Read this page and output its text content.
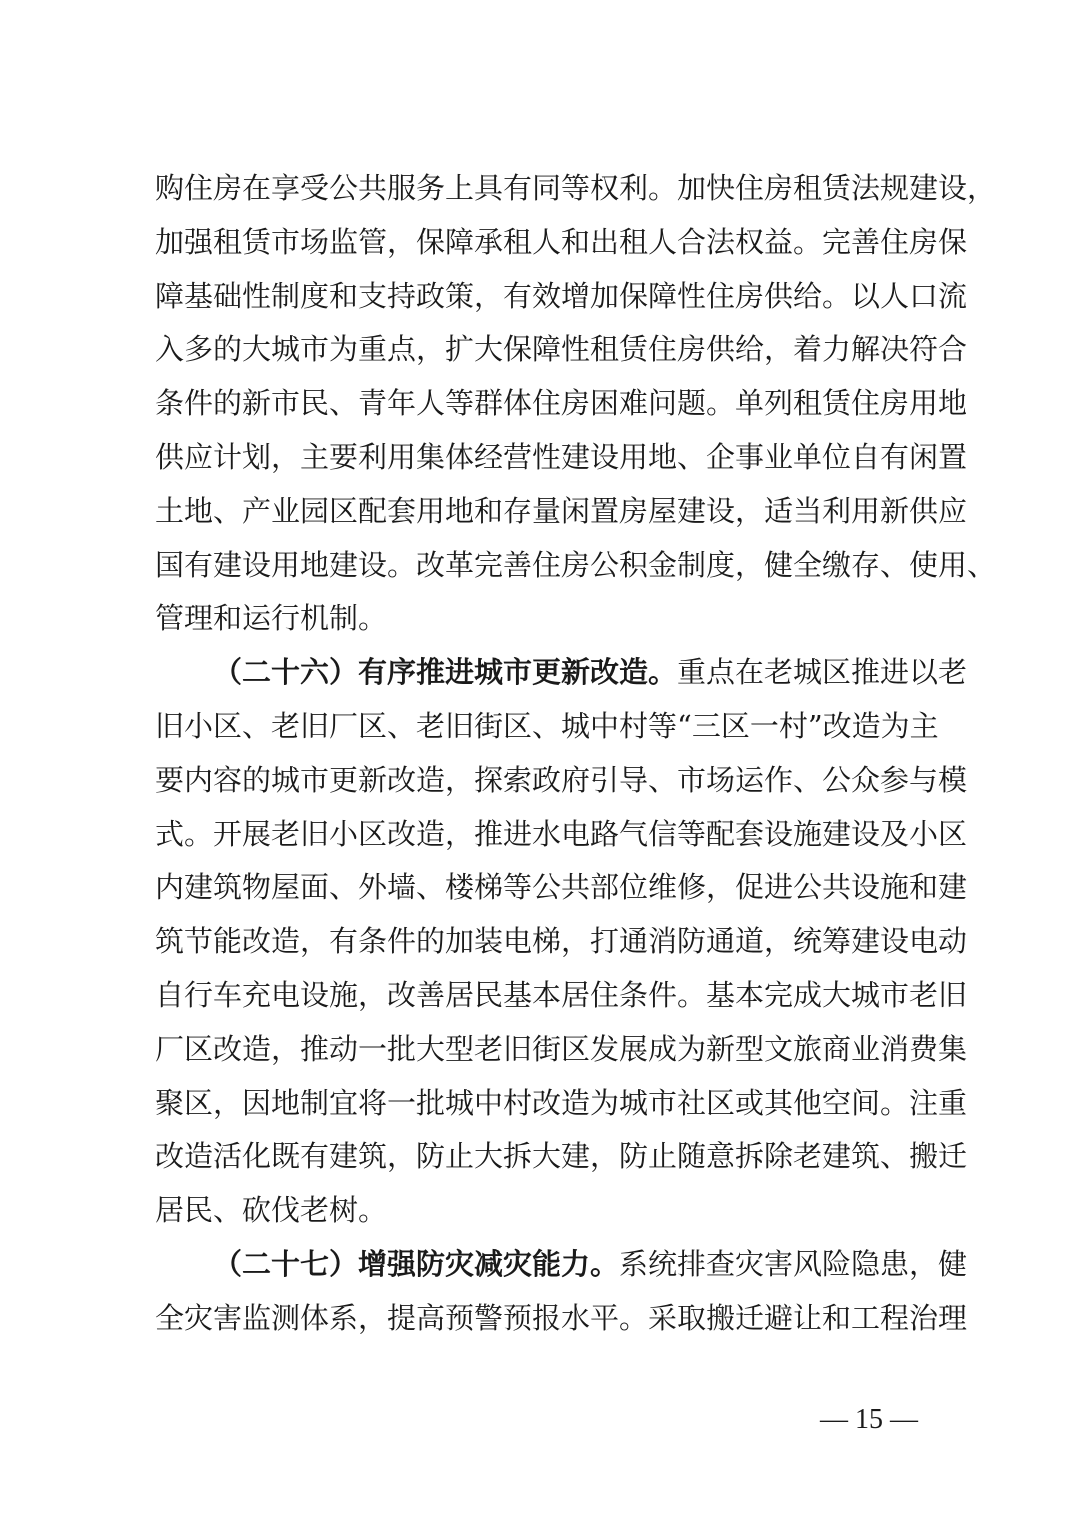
购住房在享受公共服务上具有同等权利。加快住房租赁法规建设，
加强租赁市场监管，保障承租人和出租人合法权益。完善住房保
障基础性制度和支持政策，有效增加保障性住房供给。以人口流
入多的大城市为重点，扩大保障性租赁住房供给，着力解决符合
条件的新市民、青年人等群体住房困难问题。单列租赁住房用地
供应计划，主要利用集体经营性建设用地、企事业单位自有闲置
土地、产业园区配套用地和存量闲置房屋建设，适当利用新供应
国有建设用地建设。改革完善住房公积金制度，健全缴存、使用、
管理和运行机制。
（二十六）有序推进城市更新改造。重点在老城区推进以老
旧小区、老旧厂区、老旧街区、城中村等“三区一村”改造为主
要内容的城市更新改造，探索政府引导、市场运作、公众参与模
式。开展老旧小区改造，推进水电路气信等配套设施建设及小区
内建筑物屋面、外墙、楼梯等公共部位维修，促进公共设施和建
筑节能改造，有条件的加装电梯，打通消防通道，统筹建设电动
自行车充电设施，改善居民基本居住条件。基本完成大城市老旧
厂区改造，推动一批大型老旧街区发展成为新型文旅商业消费集
聚区，因地制宜将一批城中村改造为城市社区或其他空间。注重
改造活化既有建筑，防止大拆大建，防止随意拆除老建筑、搬迁
居民、砍伐老树。
（二十七）增强防灾减灾能力。系统排查灾害风险隐患，健
全灾害监测体系，提高预警预报水平。采取搬迁避让和工程治理
— 15 —
